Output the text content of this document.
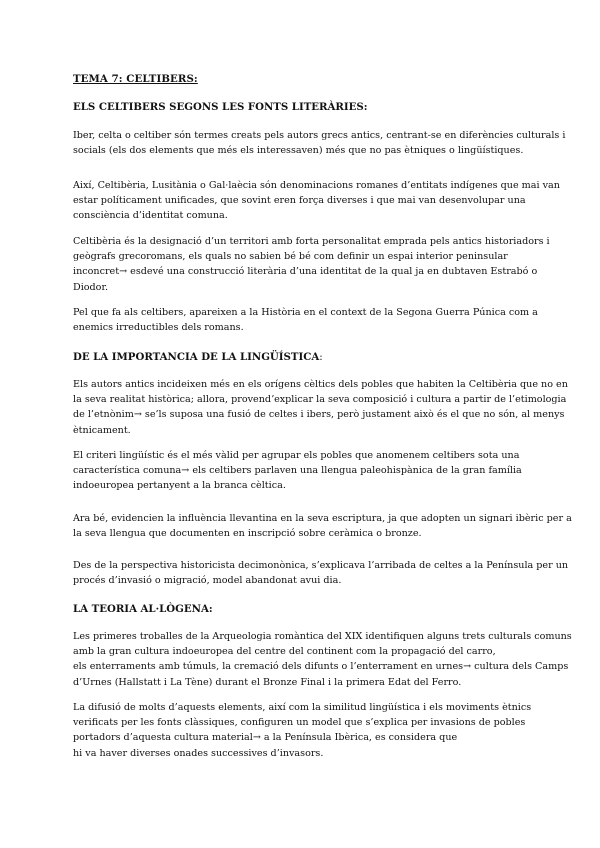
TEMA 7: CELTIBERS:
ELS CELTIBERS SEGONS LES FONTS LITERÀRIES:

Iber, celta o celtiber són termes creats pels autors grecs antics, centrant-se en diferències culturals i
socials (els dos elements que més els interessaven) més que no pas ètniques o lingüístiques.

Així, Celtibèria, Lusitània o Gal·laècia són denominacions romanes d’entitats indígenes que mai van
estar políticament unificades, que sovint eren força diverses i que mai van desenvolupar una
consciència d’identitat comuna.

Celtibèria és la designació d’un territori amb forta personalitat emprada pels antics historiadors i
geògrafs grecoromans, els quals no sabien bé bé com definir un espai interior peninsular
inconcret→ esdevé una construcció literària d’una identitat de la qual ja en dubtaven Estrabó o
Diodor.

Pel que fa als celtibers, apareixen a la Història en el context de la Segona Guerra Púnica com a
enemics irreductibles dels romans.

DE LA IMPORTANCIA DE LA LINGÜÍSTICA:

Els autors antics incideixen més en els orígens cèltics dels pobles que habiten la Celtibèria que no en
la seva realitat històrica; allora, provendʼexplicar la seva composició i cultura a partir de l’etimologia
de l’etnònim→ se’ls suposa una fusió de celtes i ibers, però justament això és el que no són, al menys
ètnicament.

El criteri lingüístic és el més vàlid per agrupar els pobles que anomenem celtibers sota una
característica comuna→ els celtibers parlaven una llengua paleohispànica de la gran família
indoeuropea pertanyent a la branca cèltica.

Ara bé, evidencien la influència llevantina en la seva escriptura, ja que adopten un signari ibèric per a
la seva llengua que documenten en inscripció sobre ceràmica o bronze.

Des de la perspectiva historicista decimonònica, s’explicava l’arribada de celtes a la Península per un
procés d’invasió o migració, model abandonat avui dia.

LA TEORIA AL·LÒGENA:

Les primeres troballes de la Arqueologia romàntica del XIX identifiquen alguns trets culturals comuns
amb la gran cultura indoeuropea del centre del continent com la propagació del carro,
els enterraments amb túmuls, la cremació dels difunts o l’enterrament en urnes→ cultura dels Camps
d’Urnes (Hallstatt i La Tène) durant el Bronze Final i la primera Edat del Ferro.

La difusió de molts d’aquests elements, així com la similitud lingüística i els moviments ètnics
verificats per les fonts clàssiques, configuren un model que s’explica per invasions de pobles
portadors d’aquesta cultura material→ a la Península Ibèrica, es considera que
hi va haver diverses onades successives d’invasors.
